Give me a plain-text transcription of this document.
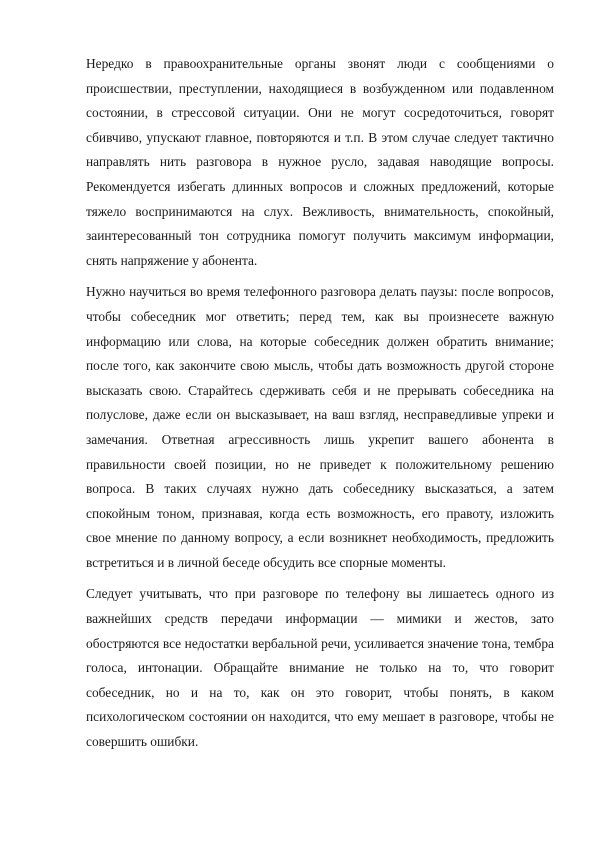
Нередко в правоохранительные органы звонят люди с сообщениями о происшествии, преступлении, находящиеся в возбужденном или подавленном состоянии, в стрессовой ситуации. Они не могут сосредоточиться, говорят сбивчиво, упускают главное, повторяются и т.п. В этом случае следует тактично направлять нить разговора в нужное русло, задавая наводящие вопросы. Рекомендуется избегать длинных вопросов и сложных предложений, которые тяжело воспринимаются на слух. Вежливость, внимательность, спокойный, заинтересованный тон сотрудника помогут получить максимум информации, снять напряжение у абонента.

Нужно научиться во время телефонного разговора делать паузы: после вопросов, чтобы собеседник мог ответить; перед тем, как вы произнесете важную информацию или слова, на которые собеседник должен обратить внимание; после того, как закончите свою мысль, чтобы дать возможность другой стороне высказать свою. Старайтесь сдерживать себя и не прерывать собеседника на полуслове, даже если он высказывает, на ваш взгляд, несправедливые упреки и замечания. Ответная агрессивность лишь укрепит вашего абонента в правильности своей позиции, но не приведет к положительному решению вопроса. В таких случаях нужно дать собеседнику высказаться, а затем спокойным тоном, признавая, когда есть возможность, его правоту, изложить свое мнение по данному вопросу, а если возникнет необходимость, предложить встретиться и в личной беседе обсудить все спорные моменты.

Следует учитывать, что при разговоре по телефону вы лишаетесь одного из важнейших средств передачи информации — мимики и жестов, зато обостряются все недостатки вербальной речи, усиливается значение тона, тембра голоса, интонации. Обращайте внимание не только на то, что говорит собеседник, но и на то, как он это говорит, чтобы понять, в каком психологическом состоянии он находится, что ему мешает в разговоре, чтобы не совершить ошибки.
